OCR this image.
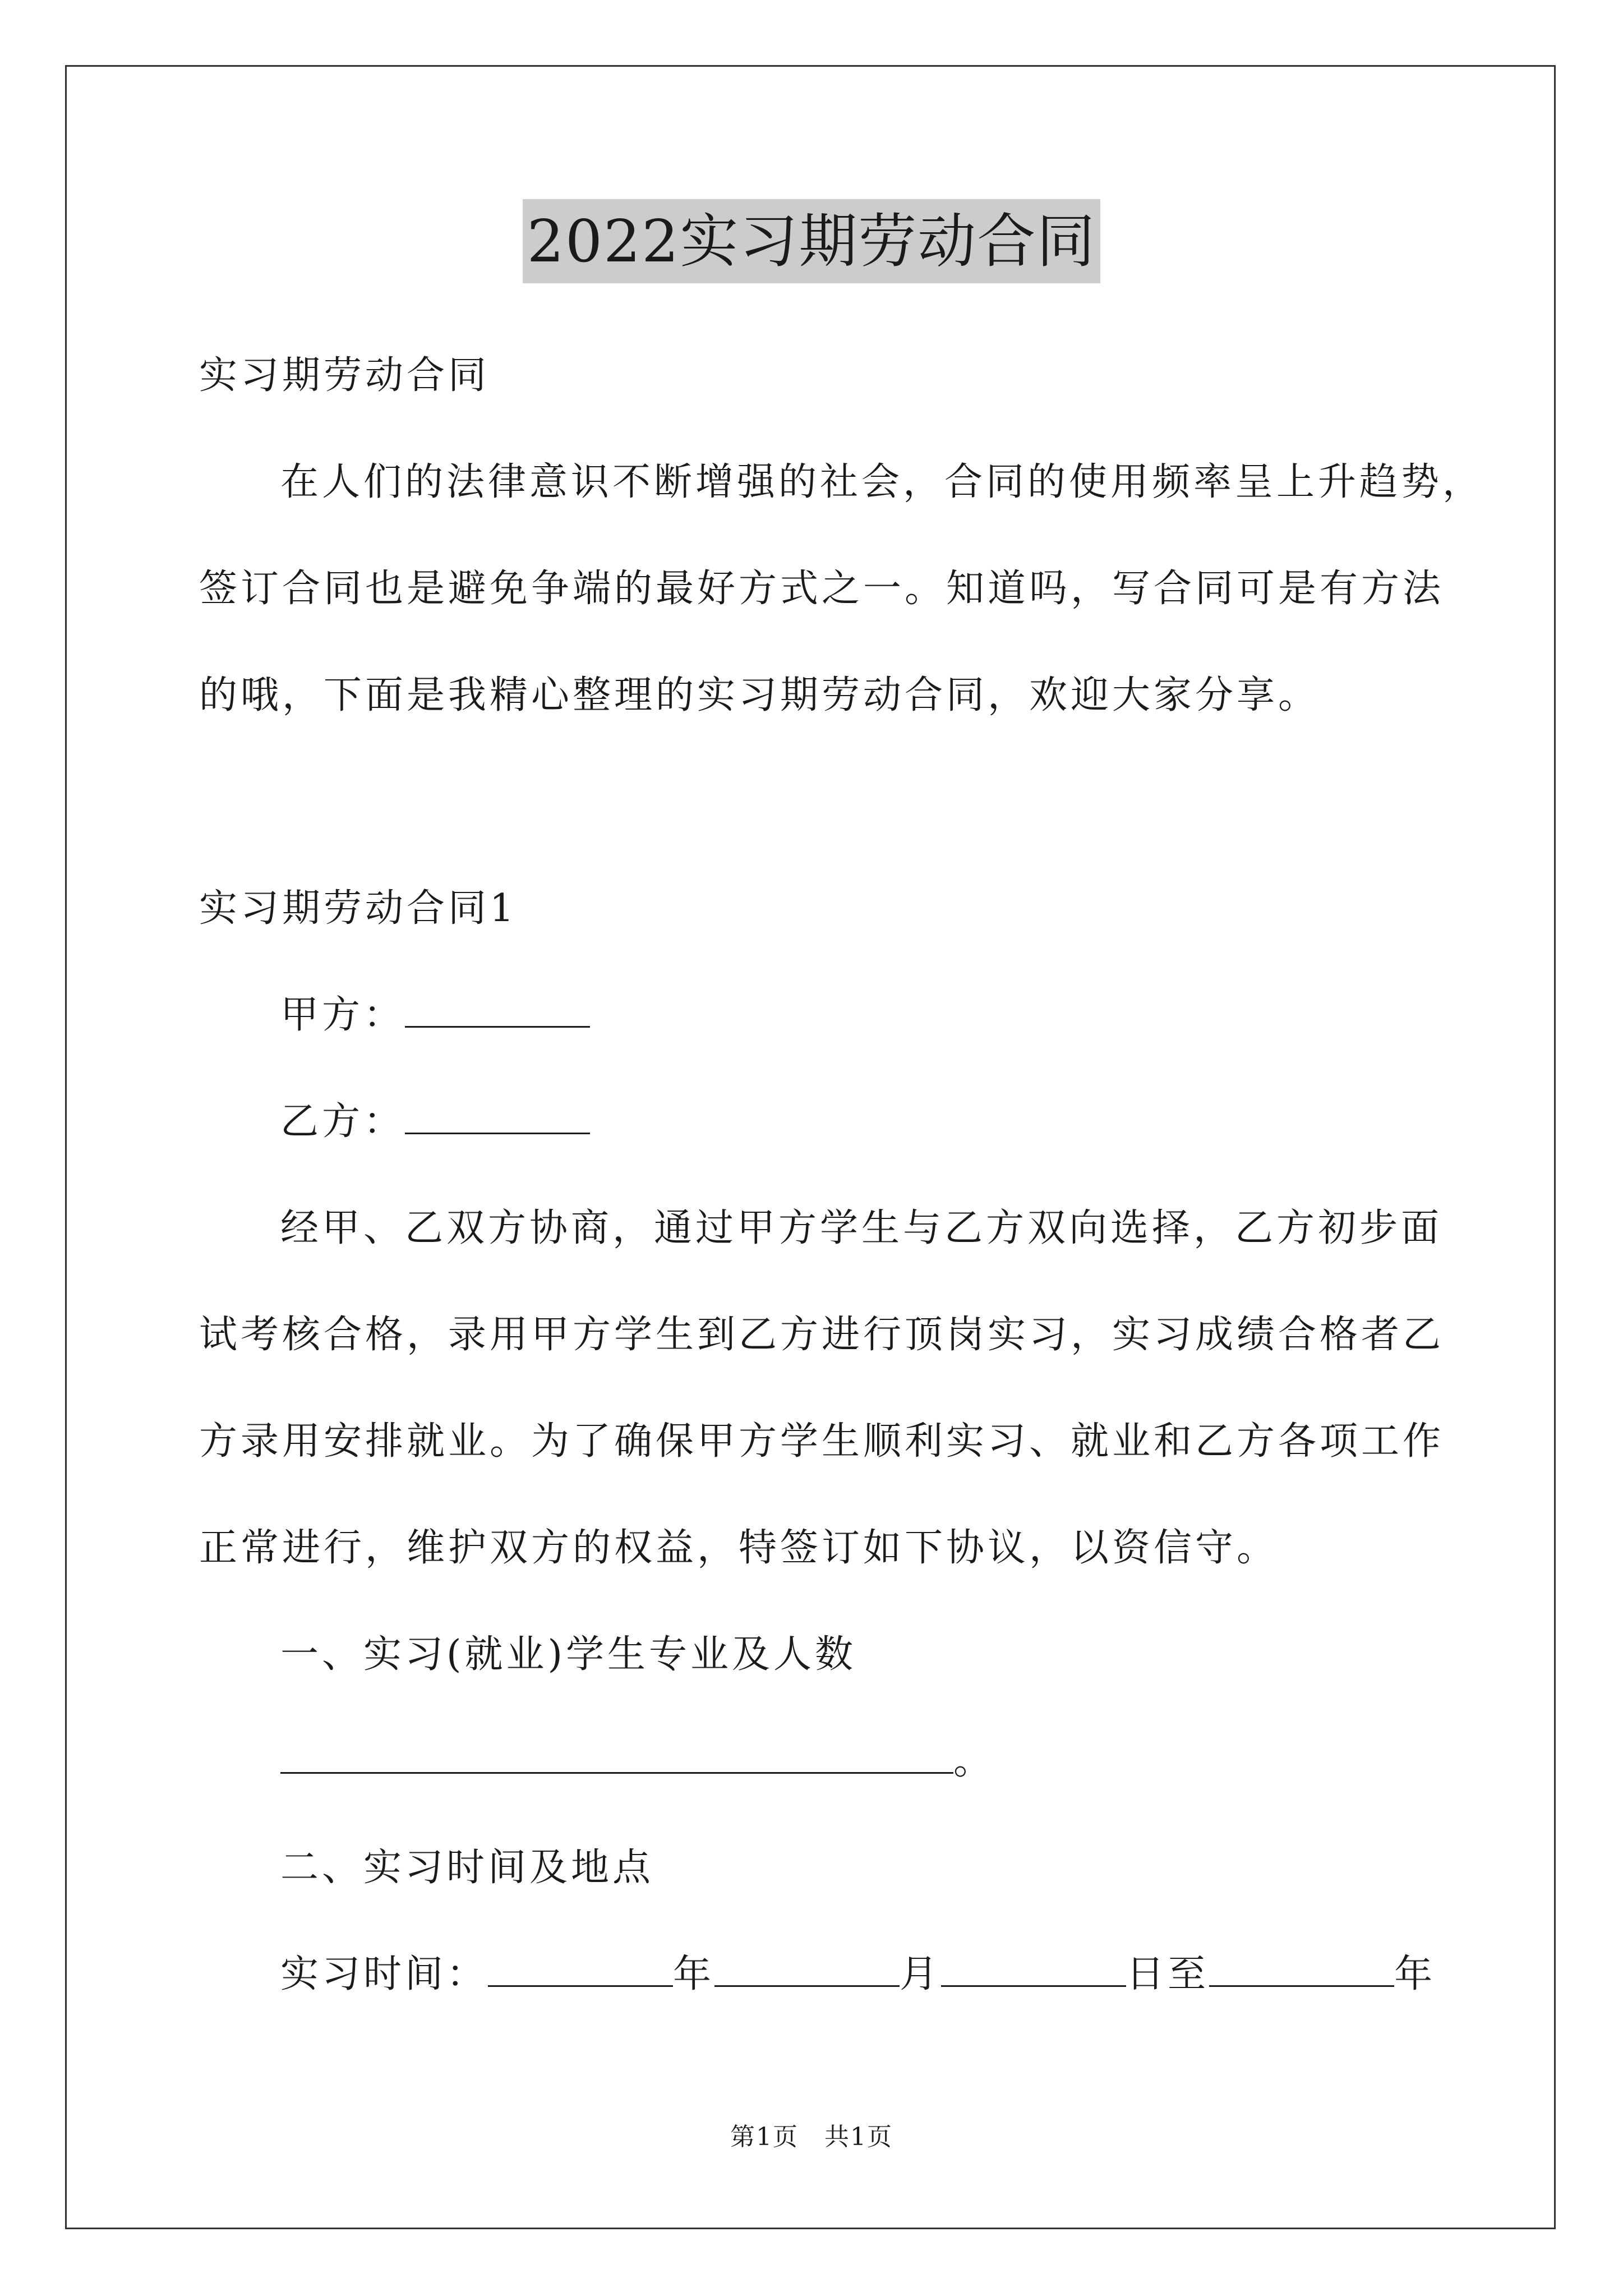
2022实习期劳动合同
实习期劳动合同
在人们的法律意识不断增强的社会，合同的使用频率呈上升趋势，
签订合同也是避免争端的最好方式之一。知道吗，写合同可是有方法
的哦，下面是我精心整理的实习期劳动合同，欢迎大家分享。
实习期劳动合同1
甲方：
乙方：
经甲、乙双方协商，通过甲方学生与乙方双向选择，乙方初步面
试考核合格，录用甲方学生到乙方进行顶岗实习，实习成绩合格者乙
方录用安排就业。为了确保甲方学生顺利实习、就业和乙方各项工作
正常进行，维护双方的权益，特签订如下协议，以资信守。
一、实习(就业)学生专业及人数
。
二、实习时间及地点
实习时间：	年	月	日至	年
第1页　共1页
